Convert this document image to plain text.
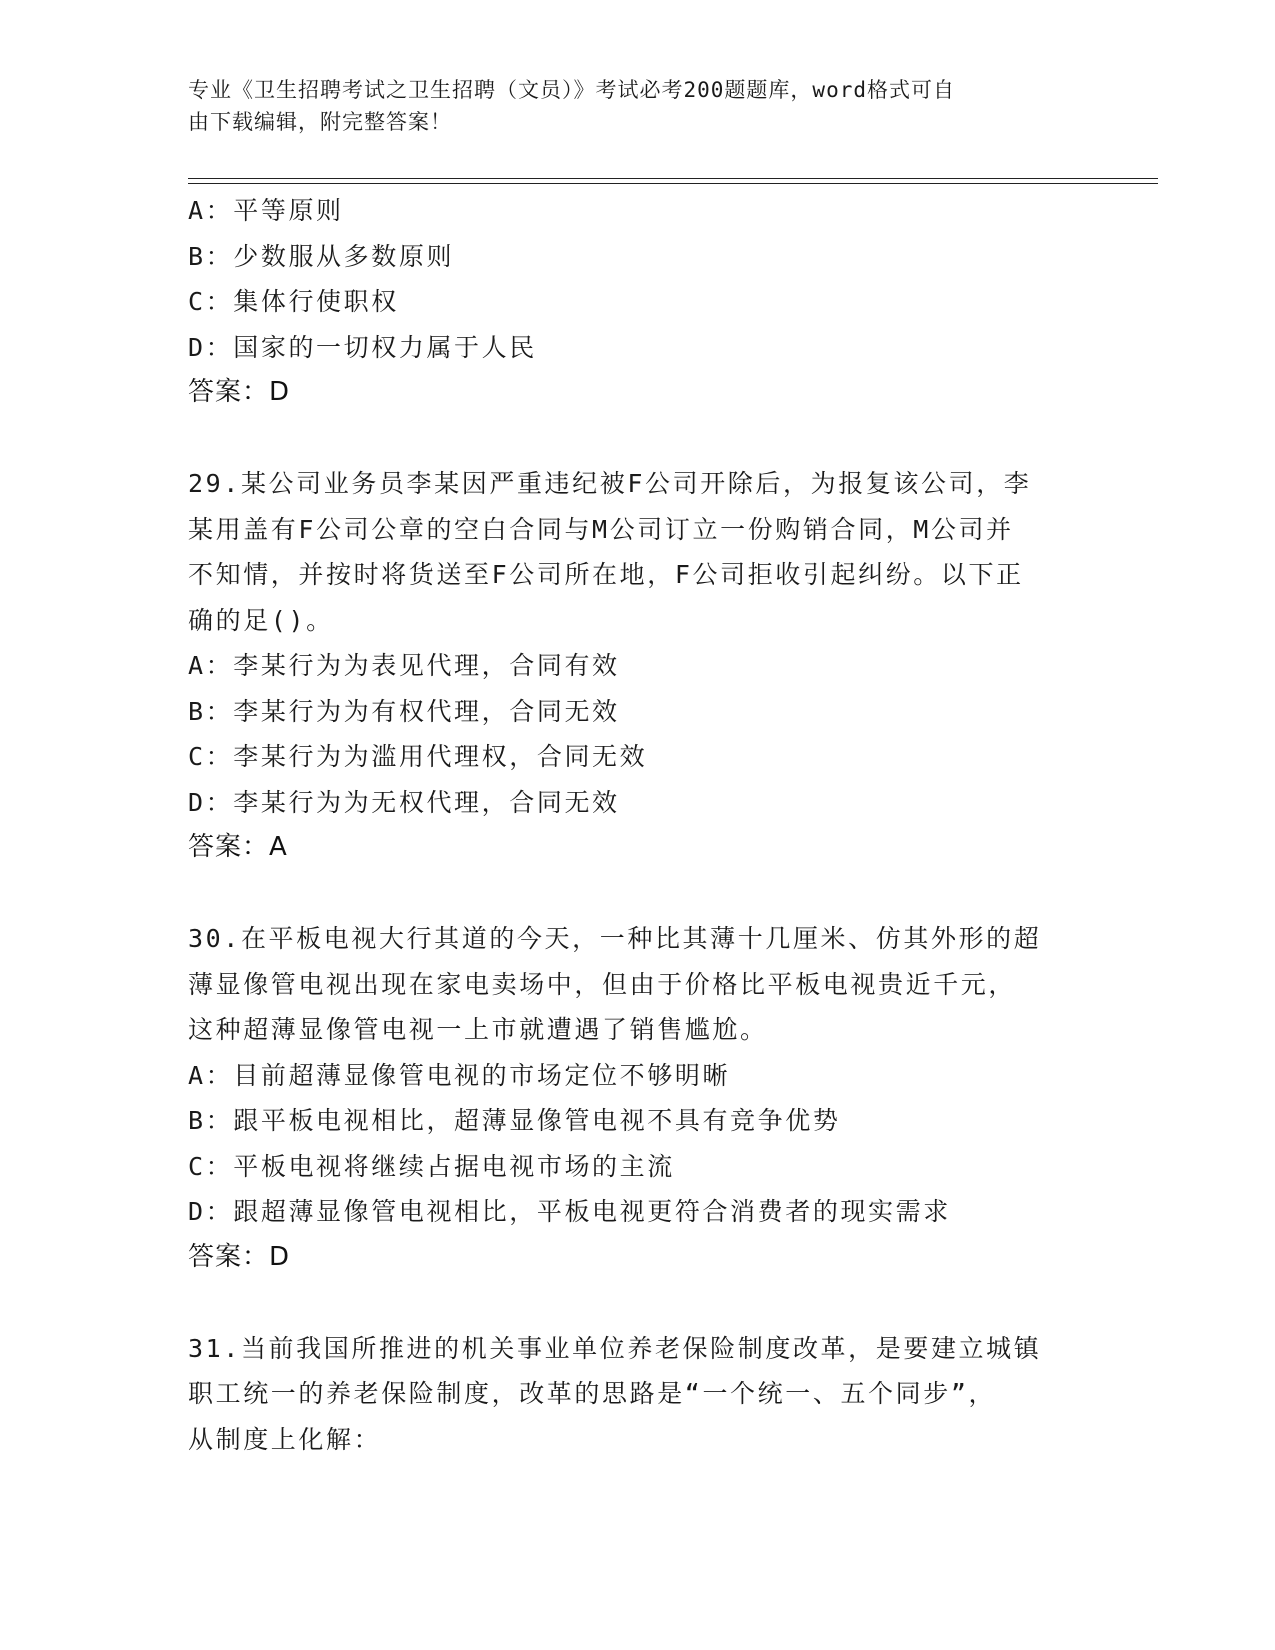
专业《卫生招聘考试之卫生招聘（文员）》考试必考200题题库，word格式可自
由下载编辑，附完整答案！
A：平等原则
B：少数服从多数原则
C：集体行使职权
D：国家的一切权力属于人民
答案：D
29.某公司业务员李某因严重违纪被F公司开除后，为报复该公司，李
某用盖有F公司公章的空白合同与M公司订立一份购销合同，M公司并
不知情，并按时将货送至F公司所在地，F公司拒收引起纠纷。以下正
确的足()。
A：李某行为为表见代理，合同有效
B：李某行为为有权代理，合同无效
C：李某行为为滥用代理权，合同无效
D：李某行为为无权代理，合同无效
答案：A
30.在平板电视大行其道的今天，一种比其薄十几厘米、仿其外形的超
薄显像管电视出现在家电卖场中，但由于价格比平板电视贵近千元，
这种超薄显像管电视一上市就遭遇了销售尴尬。
A：目前超薄显像管电视的市场定位不够明晰
B：跟平板电视相比，超薄显像管电视不具有竞争优势
C：平板电视将继续占据电视市场的主流
D：跟超薄显像管电视相比，平板电视更符合消费者的现实需求
答案：D
31.当前我国所推进的机关事业单位养老保险制度改革，是要建立城镇
职工统一的养老保险制度，改革的思路是“一个统一、五个同步”，
从制度上化解：
